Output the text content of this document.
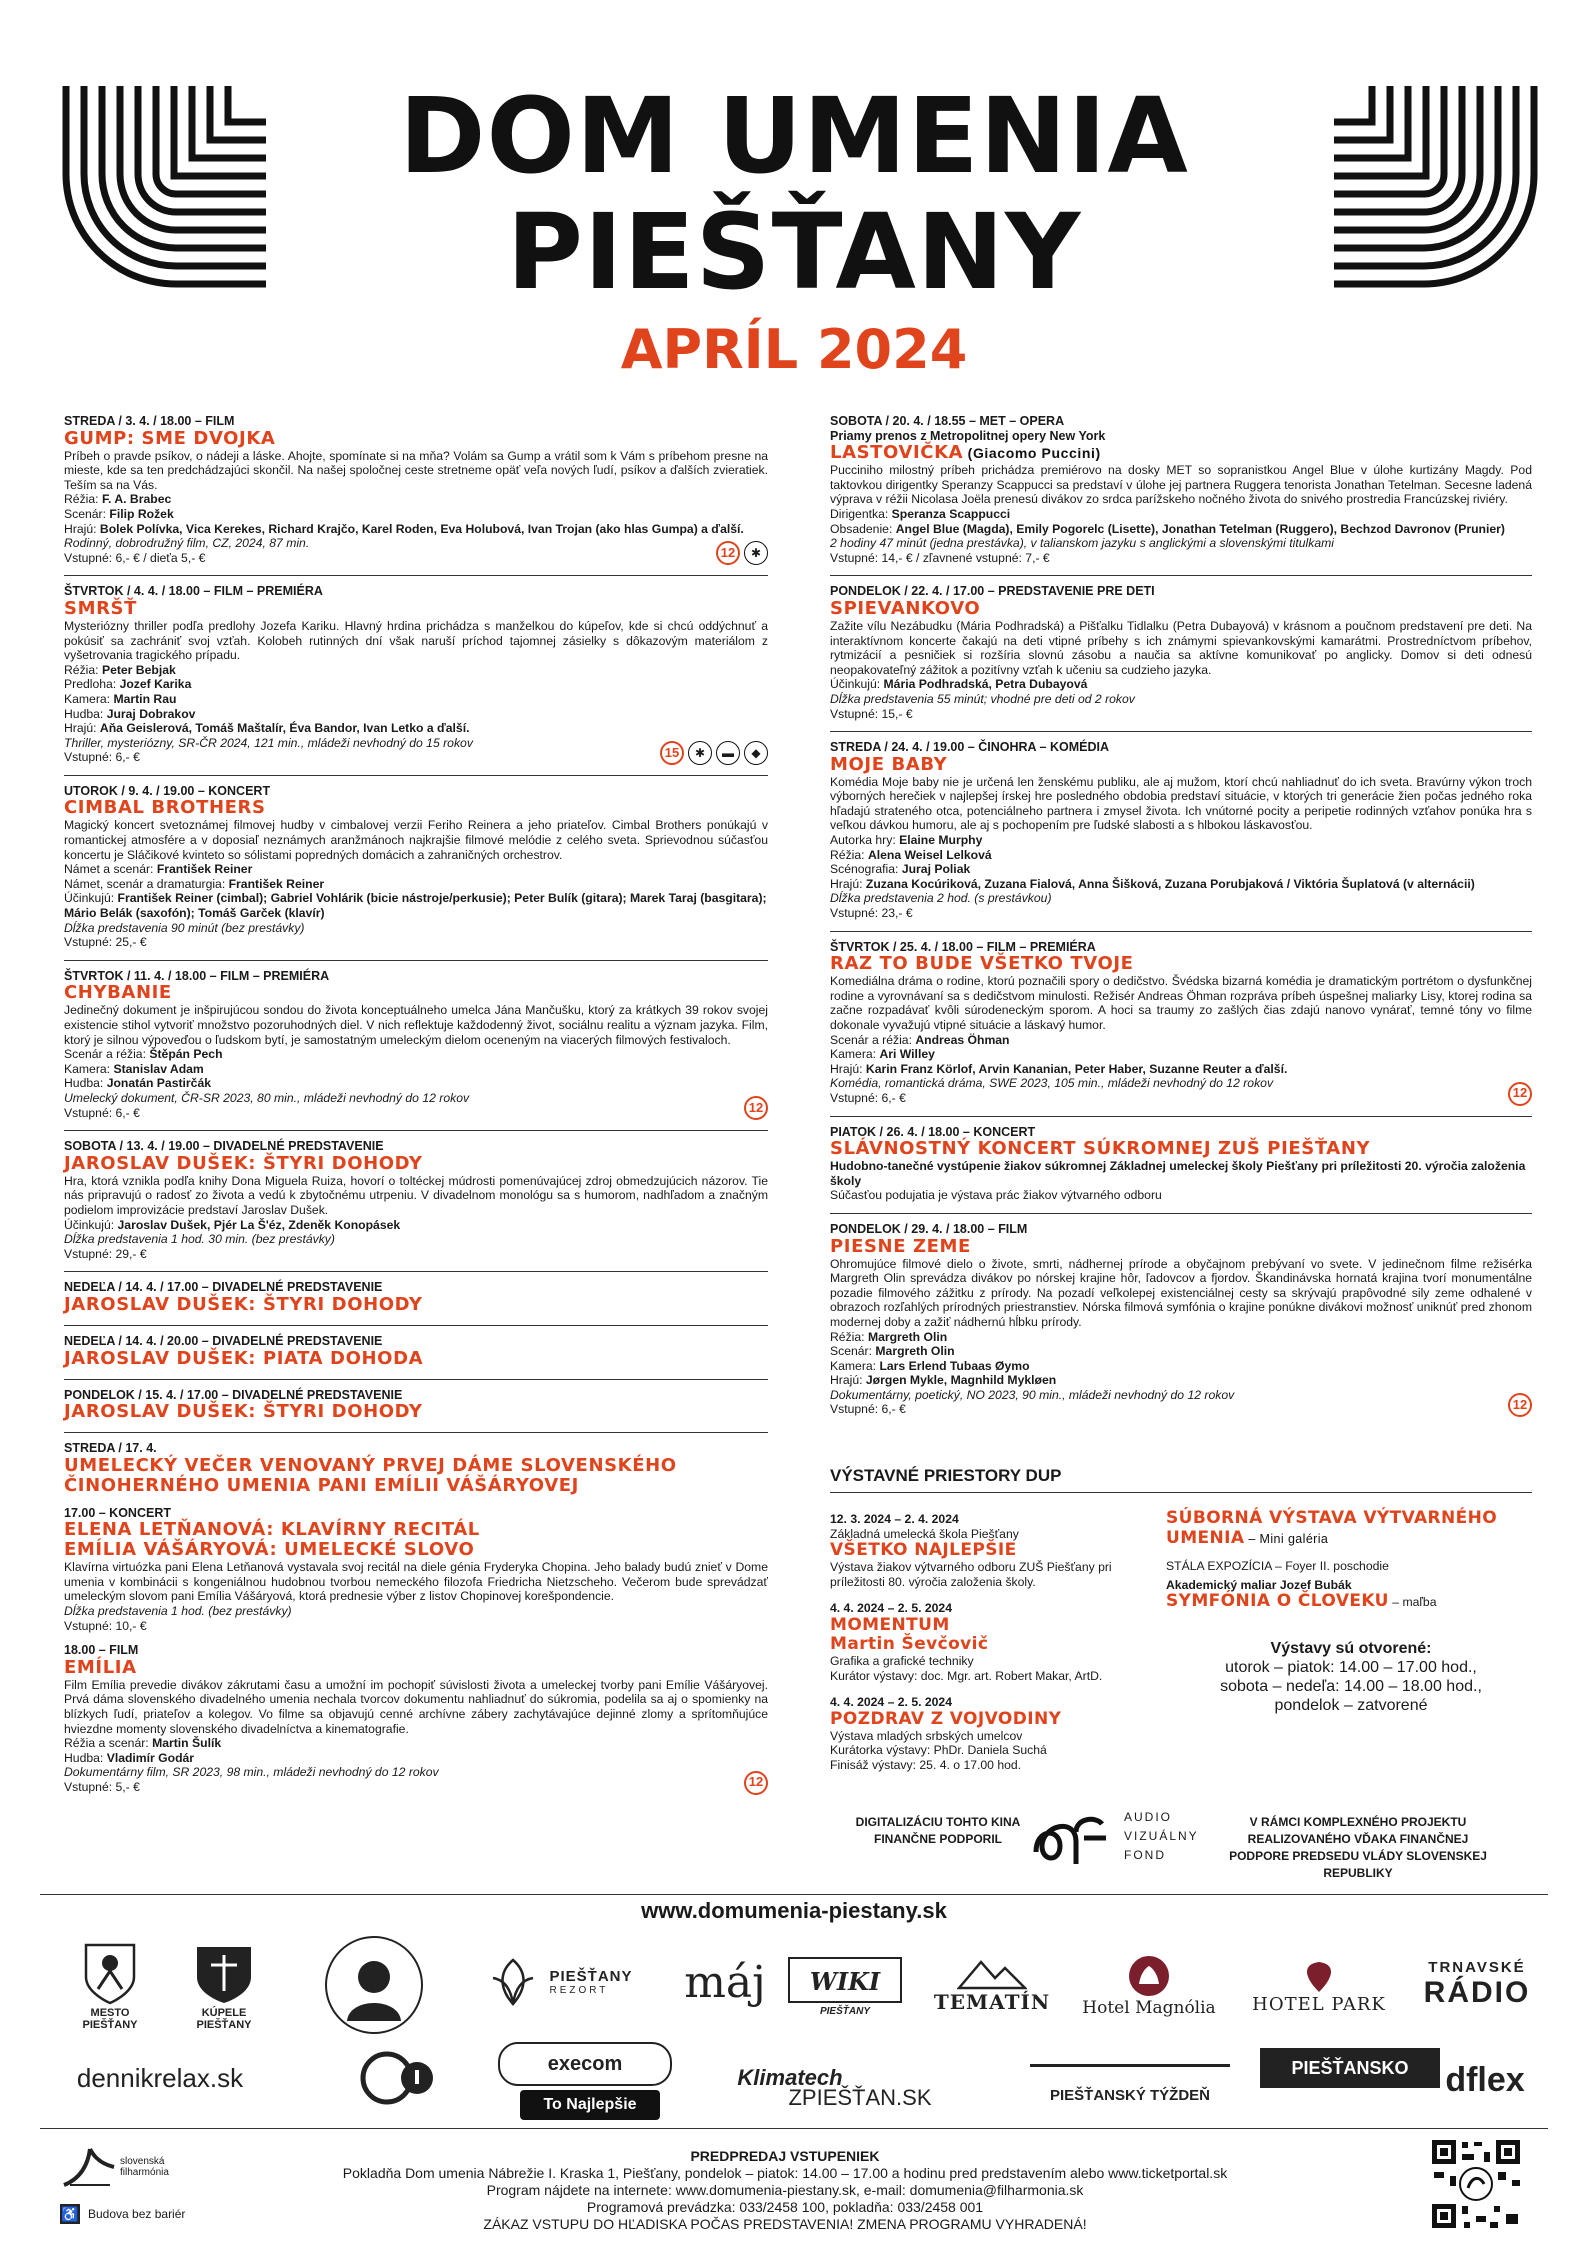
DOM UMENIA
PIEŠŤANY
APRÍL 2024
STREDA / 3. 4. / 18.00 – FILM
GUMP: SME DVOJKA

Príbeh o pravde psíkov, o nádeji a láske. Ahojte, spomínate si na mňa? Volám sa Gump a vrátil som k Vám s príbehom presne na mieste, kde sa ten predchádzajúci skončil. Na našej spoločnej ceste stretneme opäť veľa nových ľudí, psíkov a ďalších zvieratiek. Teším sa na Vás.

Réžia: F. A. Brabec
Scenár: Filip Rožek
Hrajú: Bolek Polívka, Vica Kerekes, Richard Krajčo, Karel Roden, Eva Holubová, Ivan Trojan (ako hlas Gumpa) a ďalší.
Rodinný, dobrodružný film, CZ, 2024, 87 min.
Vstupné: 6,- € / dieťa 5,- €	12	✱
ŠTVRTOK / 4. 4. / 18.00 – FILM – PREMIÉRA
SMRŠŤ

Mysteriózny thriller podľa predlohy Jozefa Kariku. Hlavný hrdina prichádza s manželkou do kúpeľov, kde si chcú oddýchnuť a pokúsiť sa zachrániť svoj vzťah. Kolobeh rutinných dní však naruší príchod tajomnej zásielky s dôkazovým materiálom z vyšetrovania tragického prípadu.

Réžia: Peter Bebjak
Predloha: Jozef Karika
Kamera: Martin Rau
Hudba: Juraj Dobrakov
Hrajú: Aňa Geislerová, Tomáš Maštalír, Éva Bandor, Ivan Letko a ďalší.
Thriller, mysteriózny, SR-ČR 2024, 121 min., mládeži nevhodný do 15 rokov
Vstupné: 6,- €	15	✱	▬	◆
UTOROK / 9. 4. / 19.00 – KONCERT
CIMBAL BROTHERS

Magický koncert svetoznámej filmovej hudby v cimbalovej verzii Feriho Reinera a jeho priateľov. Cimbal Brothers ponúkajú v romantickej atmosfére a v doposiaľ neznámych aranžmánoch najkrajšie filmové melódie z celého sveta. Sprievodnou súčasťou koncertu je Sláčikové kvinteto so sólistami popredných domácich a zahraničných orchestrov.

Námet a scenár: František Reiner
Námet, scenár a dramaturgia: František Reiner
Účinkujú: František Reiner (cimbal); Gabriel Vohlárik (bicie nástroje/perkusie); Peter Bulík (gitara); Marek Taraj (basgitara); Mário Belák (saxofón); Tomáš Garček (klavír)
Dĺžka predstavenia 90 minút (bez prestávky)
Vstupné: 25,- €
ŠTVRTOK / 11. 4. / 18.00 – FILM – PREMIÉRA
CHYBANIE

Jedinečný dokument je inšpirujúcou sondou do života konceptuálneho umelca Jána Mančušku, ktorý za krátkych 39 rokov svojej existencie stihol vytvoriť množstvo pozoruhodných diel. V nich reflektuje každodenný život, sociálnu realitu a význam jazyka. Film, ktorý je silnou výpoveďou o ľudskom bytí, je samostatným umeleckým dielom oceneným na viacerých filmových festivaloch.

Scenár a réžia: Štěpán Pech
Kamera: Stanislav Adam
Hudba: Jonatán Pastirčák
Umelecký dokument, ČR-SR 2023, 80 min., mládeži nevhodný do 12 rokov
Vstupné: 6,- €	12
SOBOTA / 13. 4. / 19.00 – DIVADELNÉ PREDSTAVENIE
JAROSLAV DUŠEK: ŠTYRI DOHODY

Hra, ktorá vznikla podľa knihy Dona Miguela Ruiza, hovorí o toltéckej múdrosti pomenúvajúcej zdroj obmedzujúcich názorov. Tie nás pripravujú o radosť zo života a vedú k zbytočnému utrpeniu. V divadelnom monológu sa s humorom, nadhľadom a značným podielom improvizácie predstaví Jaroslav Dušek.

Účinkujú: Jaroslav Dušek, Pjér La Š'éz, Zdeněk Konopásek
Dĺžka predstavenia 1 hod. 30 min. (bez prestávky)
Vstupné: 29,- €
NEDEĽA / 14. 4. / 17.00 – DIVADELNÉ PREDSTAVENIE
JAROSLAV DUŠEK: ŠTYRI DOHODY
NEDEĽA / 14. 4. / 20.00 – DIVADELNÉ PREDSTAVENIE
JAROSLAV DUŠEK: PIATA DOHODA
PONDELOK / 15. 4. / 17.00 – DIVADELNÉ PREDSTAVENIE
JAROSLAV DUŠEK: ŠTYRI DOHODY
STREDA / 17. 4.
UMELECKÝ VEČER VENOVANÝ PRVEJ DÁME SLOVENSKÉHO ČINOHERNÉHO UMENIA PANI EMÍLII VÁŠÁRYOVEJ
17.00 – KONCERT
ELENA LETŇANOVÁ: KLAVÍRNY RECITÁL
EMÍLIA VÁŠÁRYOVÁ: UMELECKÉ SLOVO

Klavírna virtuózka pani Elena Letňanová vystavala svoj recitál na diele génia Fryderyka Chopina. Jeho balady budú znieť v Dome umenia v kombinácii s kongeniálnou hudobnou tvorbou nemeckého filozofa Friedricha Nietzscheho. Večerom bude sprevádzať umeleckým slovom pani Emília Vášáryová, ktorá prednesie výber z listov Chopinovej korešpondencie.

Dĺžka predstavenia 1 hod. (bez prestávky)
Vstupné: 10,- €
18.00 – FILM
EMÍLIA

Film Emília prevedie divákov zákrutami času a umožní im pochopiť súvislosti života a umeleckej tvorby pani Emílie Vášáryovej. Prvá dáma slovenského divadelného umenia nechala tvorcov dokumentu nahliadnuť do súkromia, podelila sa aj o spomienky na blízkych ľudí, priateľov a kolegov. Vo filme sa objavujú cenné archívne zábery zachytávajúce dejinné zlomy a sprítomňujúce hviezdne momenty slovenského divadelníctva a kinematografie.

Réžia a scenár: Martin Šulík
Hudba: Vladimír Godár
Dokumentárny film, SR 2023, 98 min., mládeži nevhodný do 12 rokov
Vstupné: 5,- €	12
SOBOTA / 20. 4. / 18.55 – MET – OPERA
Priamy prenos z Metropolitnej opery New York
LASTOVIČKA (Giacomo Puccini)

Pucciniho milostný príbeh prichádza premiérovo na dosky MET so sopranistkou Angel Blue v úlohe kurtizány Magdy. Pod taktovkou dirigentky Speranzy Scappucci sa predstaví v úlohe jej partnera Ruggera tenorista Jonathan Tetelman. Secesne ladená výprava v réžii Nicolasa Joëla prenesú divákov zo srdca parížskeho nočného života do snivého prostredia Francúzskej riviéry.

Dirigentka: Speranza Scappucci
Obsadenie: Angel Blue (Magda), Emily Pogorelc (Lisette), Jonathan Tetelman (Ruggero), Bechzod Davronov (Prunier)
2 hodiny 47 minút (jedna prestávka), v talianskom jazyku s anglickými a slovenskými titulkami
Vstupné: 14,- € / zľavnené vstupné: 7,- €
PONDELOK / 22. 4. / 17.00 – PREDSTAVENIE PRE DETI
SPIEVANKOVO

Zažite vílu Nezábudku (Mária Podhradská) a Pišťalku Tidlalku (Petra Dubayová) v krásnom a poučnom predstavení pre deti. Na interaktívnom koncerte čakajú na deti vtipné príbehy s ich známymi spievankovskými kamarátmi. Prostredníctvom príbehov, rytmizácií a pesničiek si rozšíria slovnú zásobu a naučia sa aktívne komunikovať po anglicky. Domov si deti odnesú neopakovateľný zážitok a pozitívny vzťah k učeniu sa cudzieho jazyka.

Účinkujú: Mária Podhradská, Petra Dubayová
Dĺžka predstavenia 55 minút; vhodné pre deti od 2 rokov
Vstupné: 15,- €
STREDA / 24. 4. / 19.00 – ČINOHRA – KOMÉDIA
MOJE BABY

Komédia Moje baby nie je určená len ženskému publiku, ale aj mužom, ktorí chcú nahliadnuť do ich sveta. Bravúrny výkon troch výborných herečiek v najlepšej írskej hre posledného obdobia predstaví situácie, v ktorých tri generácie žien počas jedného roka hľadajú strateného otca, potenciálneho partnera i zmysel života. Ich vnútorné pocity a peripetie rodinných vzťahov ponúka hra s veľkou dávkou humoru, ale aj s pochopením pre ľudské slabosti a s hlbokou láskavosťou.

Autorka hry: Elaine Murphy
Réžia: Alena Weisel Lelková
Scénografia: Juraj Poliak
Hrajú: Zuzana Kocúriková, Zuzana Fialová, Anna Šišková, Zuzana Porubjaková / Viktória Šuplatová (v alternácii)
Dĺžka predstavenia 2 hod. (s prestávkou)
Vstupné: 23,- €
ŠTVRTOK / 25. 4. / 18.00 – FILM – PREMIÉRA
RAZ TO BUDE VŠETKO TVOJE

Komediálna dráma o rodine, ktorú poznačili spory o dedičstvo. Švédska bizarná komédia je dramatickým portrétom o dysfunkčnej rodine a vyrovnávaní sa s dedičstvom minulosti. Režisér Andreas Öhman rozpráva príbeh úspešnej maliarky Lisy, ktorej rodina sa začne rozpadávať kvôli súrodeneckým sporom. A hoci sa traumy zo zašlých čias zdajú nanovo vynárať, temné tóny vo filme dokonale vyvažujú vtipné situácie a láskavý humor.

Scenár a réžia: Andreas Öhman
Kamera: Ari Willey
Hrajú: Karin Franz Körlof, Arvin Kananian, Peter Haber, Suzanne Reuter a ďalší.
Komédia, romantická dráma, SWE 2023, 105 min., mládeži nevhodný do 12 rokov
Vstupné: 6,- €	12
PIATOK / 26. 4. / 18.00 – KONCERT
SLÁVNOSTNÝ KONCERT SÚKROMNEJ ZUŠ PIEŠŤANY

Hudobno-tanečné vystúpenie žiakov súkromnej Základnej umeleckej školy Piešťany pri príležitosti 20. výročia založenia školy

Súčasťou podujatia je výstava prác žiakov výtvarného odboru
PONDELOK / 29. 4. / 18.00 – FILM
PIESNE ZEME

Ohromujúce filmové dielo o živote, smrti, nádhernej prírode a obyčajnom prebývaní vo svete. V jedinečnom filme režisérka Margreth Olin sprevádza divákov po nórskej krajine hôr, ľadovcov a fjordov. Škandinávska hornatá krajina tvorí monumentálne pozadie filmového zážitku z prírody. Na pozadí veľkolepej existenciálnej cesty sa skrývajú prapôvodné sily zeme odhalené v obrazoch rozľahlých prírodných priestranstiev. Nórska filmová symfónia o krajine ponúkne divákovi možnosť uniknúť pred zhonom modernej doby a zažiť nádhernú hĺbku prírody.

Réžia: Margreth Olin
Scenár: Margreth Olin
Kamera: Lars Erlend Tubaas Øymo
Hrajú: Jørgen Mykle, Magnhild Mykløen
Dokumentárny, poetický, NO 2023, 90 min., mládeži nevhodný do 12 rokov
Vstupné: 6,- €	12
VÝSTAVNÉ PRIESTORY DUP
12. 3. 2024 – 2. 4. 2024
Základná umelecká škola Piešťany
VŠETKO NAJLEPŠIE
Výstava žiakov výtvarného odboru ZUŠ Piešťany pri príležitosti 80. výročia založenia školy.
4. 4. 2024 – 2. 5. 2024
MOMENTUM
Martin Ševčovič
Grafika a grafické techniky
Kurátor výstavy: doc. Mgr. art. Robert Makar, ArtD.
4. 4. 2024 – 2. 5. 2024
POZDRAV Z VOJVODINY
Výstava mladých srbských umelcov
Kurátorka výstavy: PhDr. Daniela Suchá
Finisáž výstavy: 25. 4. o 17.00 hod.
SÚBORNÁ VÝSTAVA VÝTVARNÉHO UMENIA – Mini galéria
STÁLA EXPOZÍCIA – Foyer II. poschodie
Akademický maliar Jozef Bubák
SYMFÓNIA O ČLOVEKU – maľba
Výstavy sú otvorené:
utorok – piatok: 14.00 – 17.00 hod.,
sobota – nedeľa: 14.00 – 18.00 hod.,
pondelok – zatvorené
DIGITALIZÁCIU TOHTO KINA FINANČNE PODPORIL
AUDIO VIZUÁLNY FOND
V RÁMCI KOMPLEXNÉHO PROJEKTU REALIZOVANÉHO VĎAKA FINANČNEJ PODPORE PREDSEDU VLÁDY SLOVENSKEJ REPUBLIKY
www.domumenia-piestany.sk
MESTO PIEŠŤANY
KÚPELE PIEŠŤANY
PIEŠŤANY
REZORT	máj	WIKI
PIEŠŤANY	TEMATÍN Hotel Magnólia HOTEL PARK
TRNAVSKÉ
RÁDIO
dennikrelax.sk	execom
To Najlepšie
Klimatech
ZPIEŠŤAN.SK	PIEŠŤANSKÝ TÝŽDEŇ
PIEŠŤANSKO	dflex
slovenská filharmónia
♿ Budova bez bariér
PREDPREDAJ VSTUPENIEK
Pokladňa Dom umenia Nábrežie I. Kraska 1, Piešťany, pondelok – piatok: 14.00 – 17.00 a hodinu pred predstavením alebo www.ticketportal.sk
Program nájdete na internete: www.domumenia-piestany.sk, e-mail: domumenia@filharmonia.sk
Programová prevádzka: 033/2458 100, pokladňa: 033/2458 001
ZÁKAZ VSTUPU DO HĽADISKA POČAS PREDSTAVENIA! ZMENA PROGRAMU VYHRADENÁ!
